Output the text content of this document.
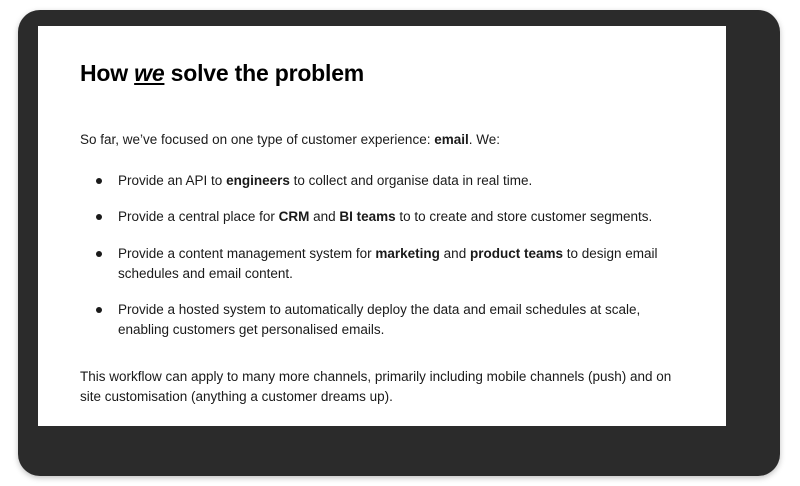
How we solve the problem

So far, we’ve focused on one type of customer experience: email. We:

Provide an API to engineers to collect and organise data in real time.
Provide a central place for CRM and BI teams to to create and store customer segments.
Provide a content management system for marketing and product teams to design email schedules and email content.
Provide a hosted system to automatically deploy the data and email schedules at scale, enabling customers get personalised emails.

This workflow can apply to many more channels, primarily including mobile channels (push) and on site customisation (anything a customer dreams up).
